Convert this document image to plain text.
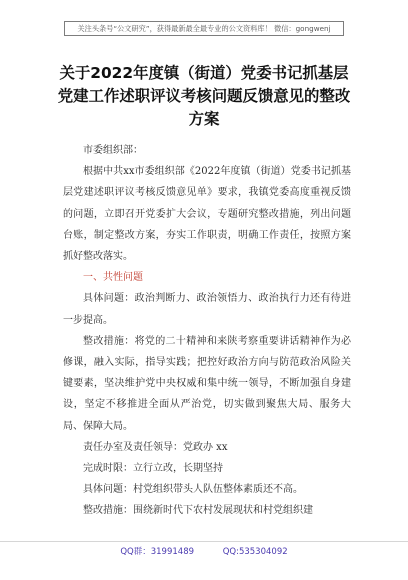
关注头条号“公文研究”，获得最新最全最专业的公文资料库！ 微信：gongwenj
关于2022年度镇（街道）党委书记抓基层党建工作述职评议考核问题反馈意见的整改方案

市委组织部：

根据中共xx市委组织部《2022年度镇（街道）党委书记抓基层党建述职评议考核反馈意见单》要求，我镇党委高度重视反馈的问题，立即召开党委扩大会议，专题研究整改措施，列出问题台账，制定整改方案，夯实工作职责，明确工作责任，按照方案抓好整改落实。

一、共性问题

具体问题：政治判断力、政治领悟力、政治执行力还有待进一步提高。

整改措施：将党的二十精神和来陕考察重要讲话精神作为必修课，融入实际，指导实践；把控好政治方向与防范政治风险关键要素，坚决维护党中央权威和集中统一领导，不断加强自身建设，坚定不移推进全面从严治党，切实做到聚焦大局、服务大局、保障大局。

责任办室及责任领导：党政办 xx

完成时限：立行立改，长期坚持

具体问题：村党组织带头人队伍整体素质还不高。

整改措施：围绕新时代下农村发展现状和村党组织建

QQ群：31991489	QQ:535304092
